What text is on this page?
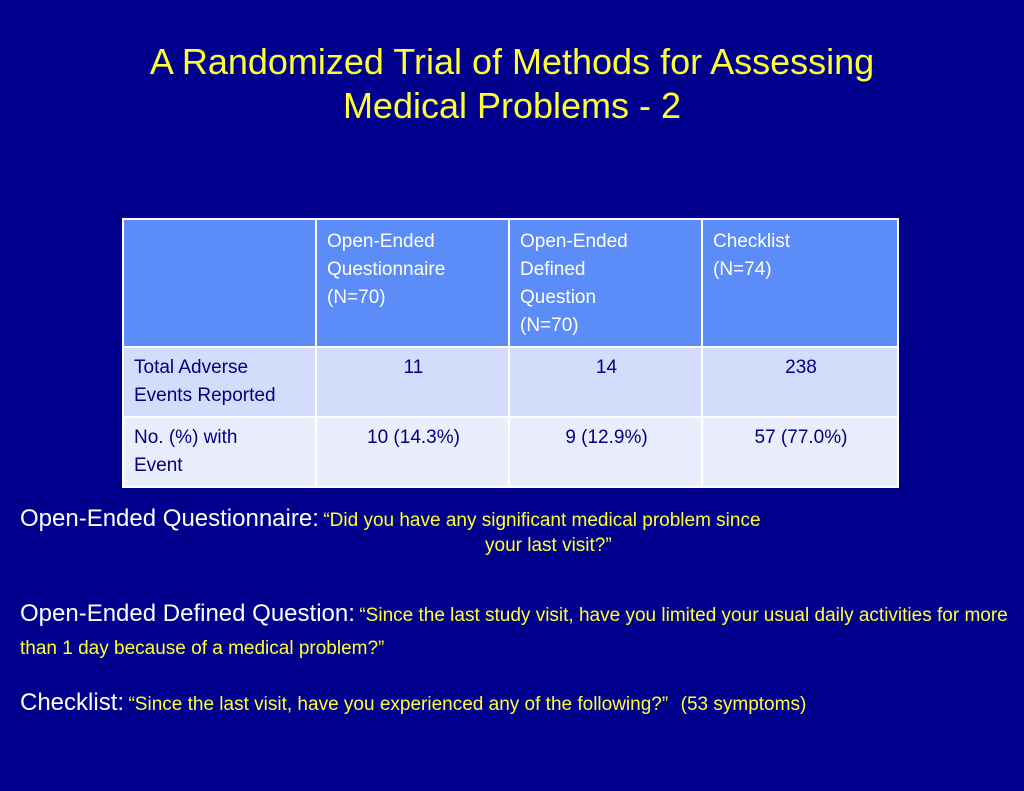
A Randomized Trial of Methods for Assessing
Medical Problems - 2

	Open-Ended
Questionnaire
(N=70)	Open-Ended
Defined
Question
(N=70)	Checklist
(N=74)

Total Adverse
Events Reported	11	14	238

No. (%) with
Event	10 (14.3%)	9 (12.9%)	57 (77.0%)
Open-Ended Questionnaire: “Did you have any significant medical problem since
your last visit?”
Open-Ended Defined Question: “Since the last study visit, have you limited your usual daily activities for more than 1 day because of a medical problem?”
Checklist: “Since the last visit, have you experienced any of the following?” (53 symptoms)
